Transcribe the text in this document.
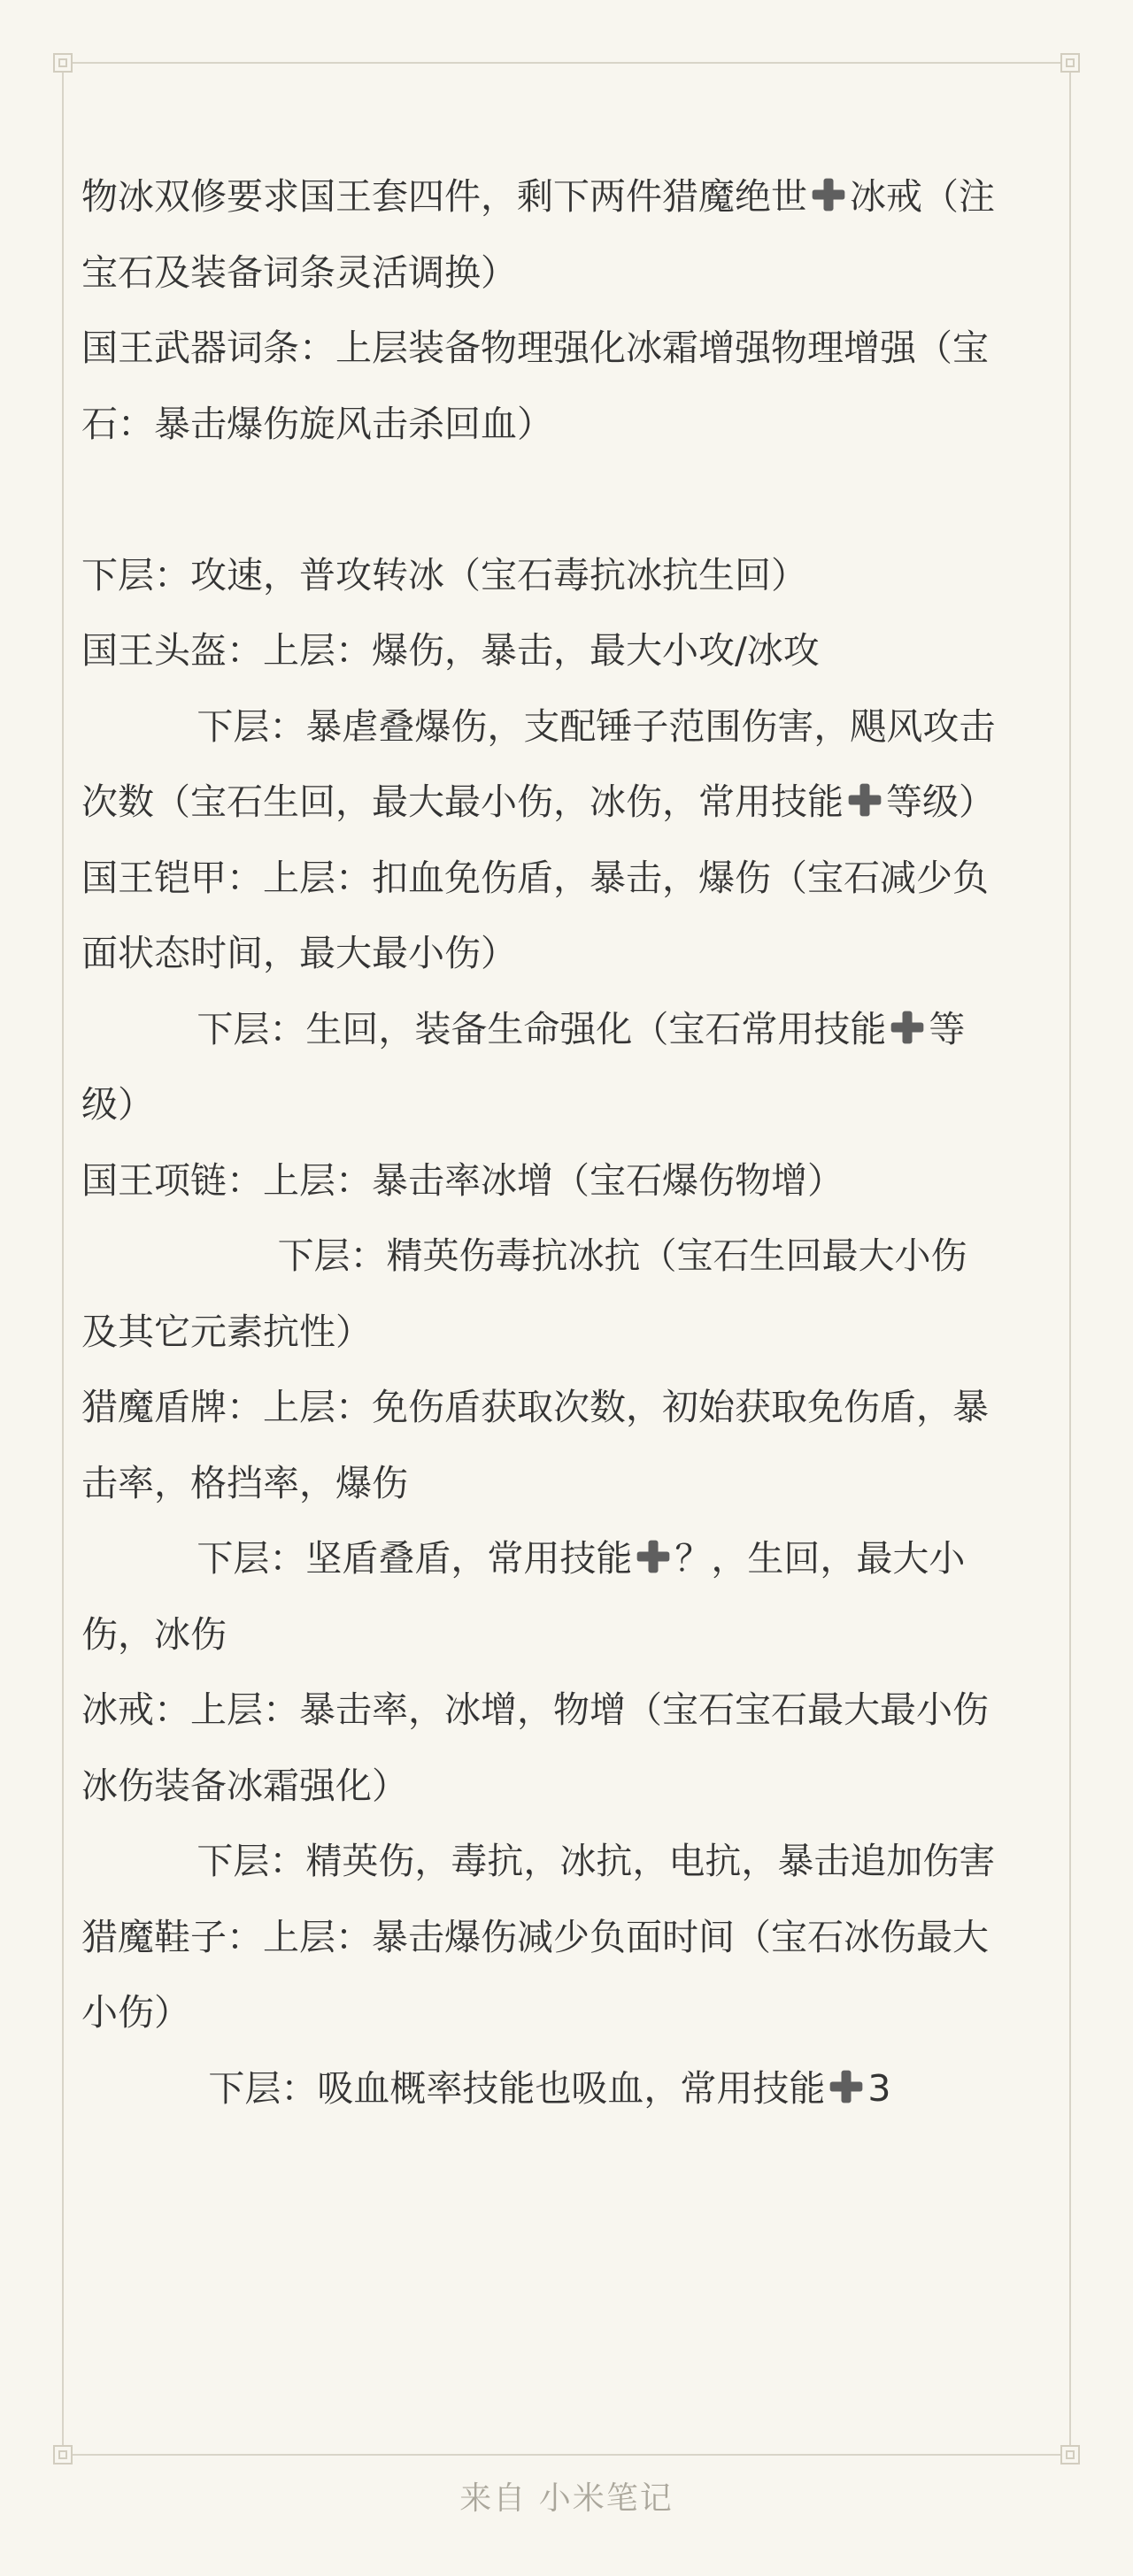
物冰双修要求国王套四件，剩下两件猎魔绝世 冰戒（注宝石及装备词条灵活调换）

国王武器词条：上层装备物理强化冰霜增强物理增强（宝石：暴击爆伤旋风击杀回血）

下层：攻速，普攻转冰（宝石毒抗冰抗生回）

国王头盔：上层：爆伤，暴击，最大小攻/冰攻

下层：暴虐叠爆伤，支配锤子范围伤害，飓风攻击次数（宝石生回，最大最小伤，冰伤，常用技能 等级）

国王铠甲：上层：扣血免伤盾，暴击，爆伤（宝石减少负面状态时间，最大最小伤）

下层：生回，装备生命强化（宝石常用技能 等级）

国王项链：上层：暴击率冰增（宝石爆伤物增）

下层：精英伤毒抗冰抗（宝石生回最大小伤及其它元素抗性）

猎魔盾牌：上层：免伤盾获取次数，初始获取免伤盾，暴击率，格挡率，爆伤

下层：坚盾叠盾，常用技能 ？，生回，最大小伤，冰伤

冰戒：上层：暴击率，冰增，物增（宝石宝石最大最小伤冰伤装备冰霜强化）

下层：精英伤，毒抗，冰抗，电抗，暴击追加伤害

猎魔鞋子：上层：暴击爆伤减少负面时间（宝石冰伤最大小伤）

下层：吸血概率技能也吸血，常用技能 3

来自 小米笔记
